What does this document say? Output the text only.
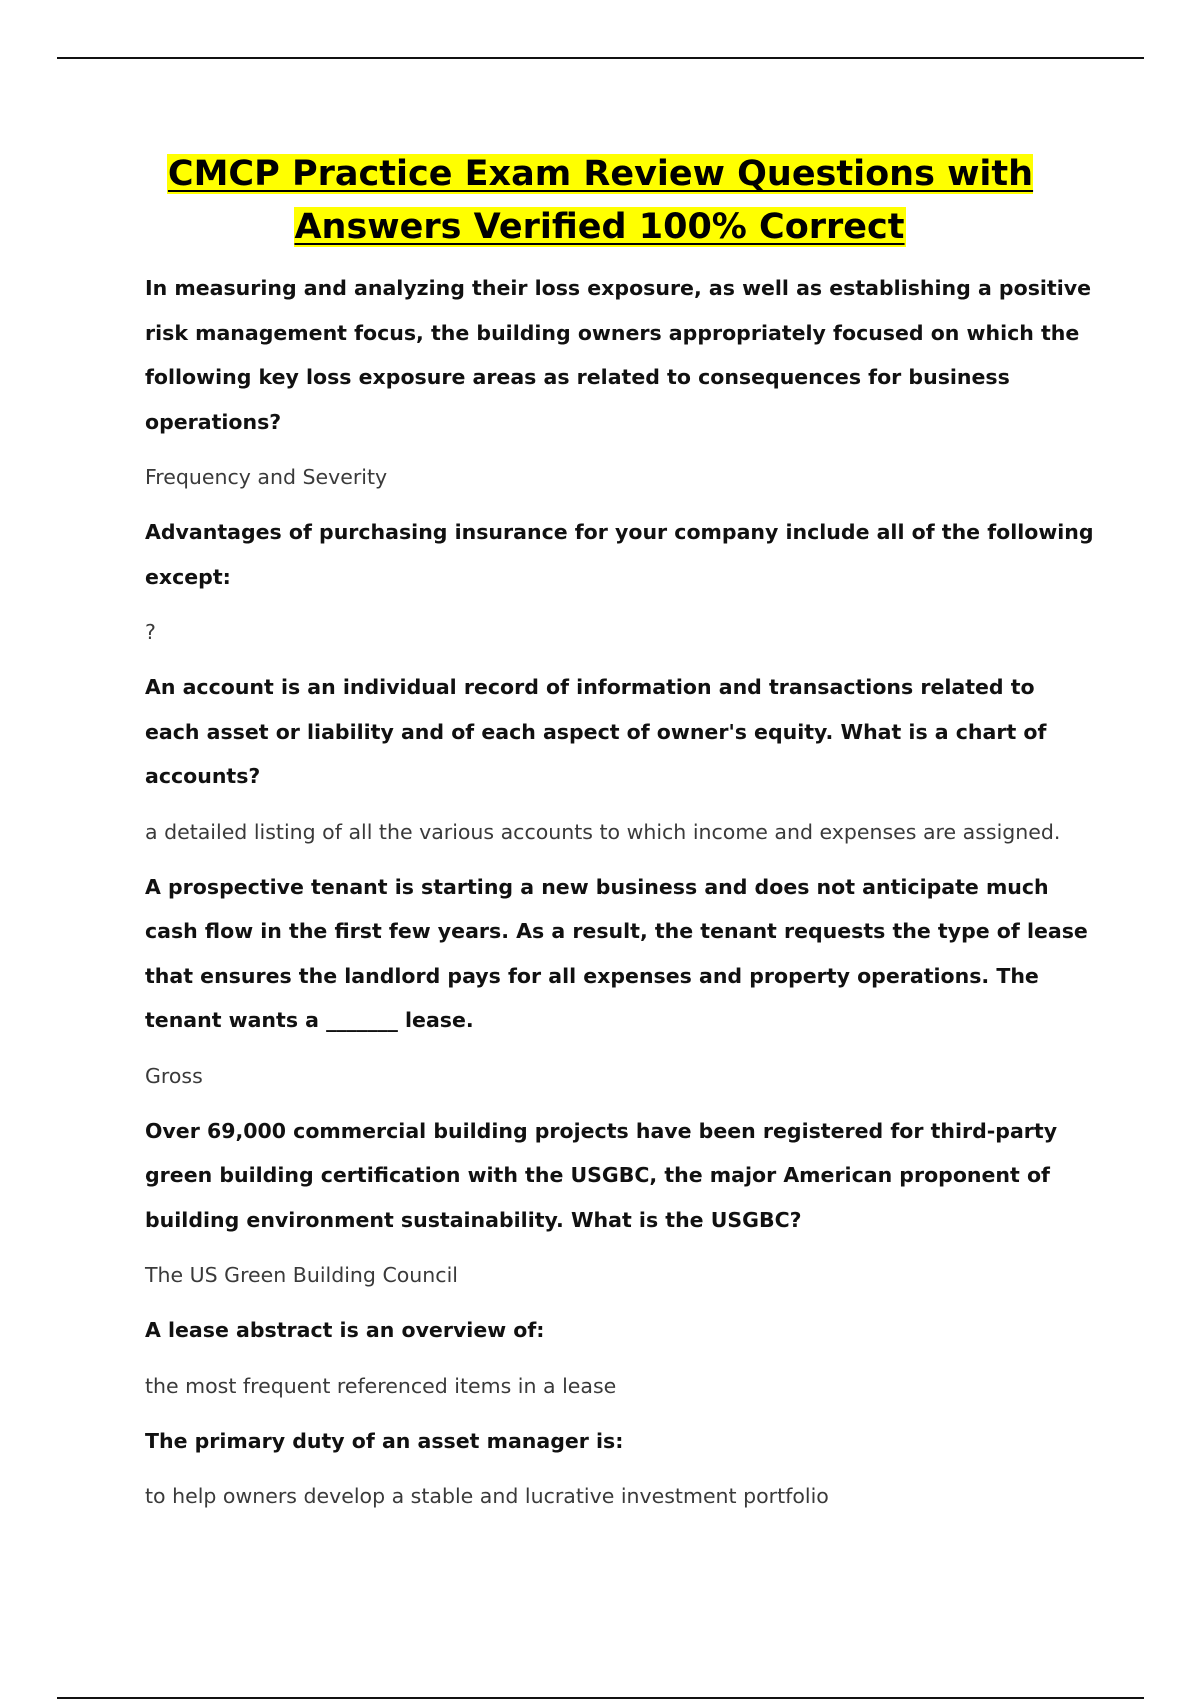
CMCP Practice Exam Review Questions with Answers Verified 100% Correct

In measuring and analyzing their loss exposure, as well as establishing a positive risk management focus, the building owners appropriately focused on which the following key loss exposure areas as related to consequences for business operations?

Frequency and Severity

Advantages of purchasing insurance for your company include all of the following except:

?

An account is an individual record of information and transactions related to each asset or liability and of each aspect of owner's equity. What is a chart of accounts?

a detailed listing of all the various accounts to which income and expenses are assigned.

A prospective tenant is starting a new business and does not anticipate much cash flow in the first few years. As a result, the tenant requests the type of lease that ensures the landlord pays for all expenses and property operations. The tenant wants a _______ lease.

Gross

Over 69,000 commercial building projects have been registered for third-party green building certification with the USGBC, the major American proponent of building environment sustainability. What is the USGBC?

The US Green Building Council

A lease abstract is an overview of:

the most frequent referenced items in a lease

The primary duty of an asset manager is:

to help owners develop a stable and lucrative investment portfolio
